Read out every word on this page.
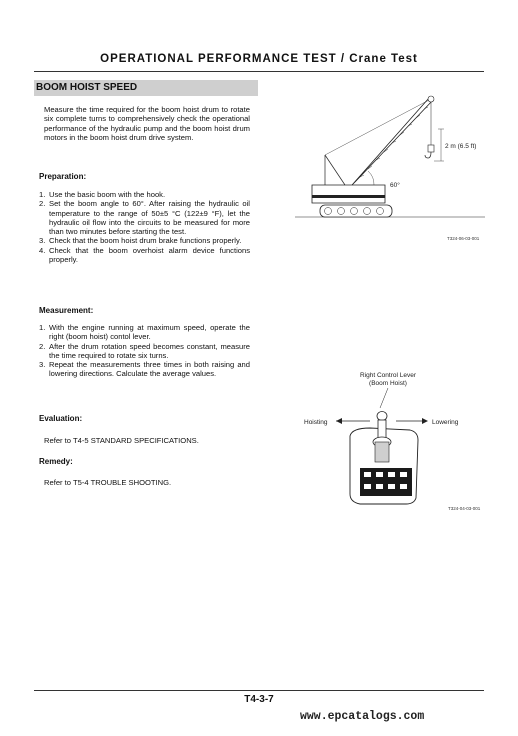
OPERATIONAL PERFORMANCE TEST / Crane Test
BOOM HOIST SPEED
Measure the time required for the boom hoist drum to rotate six complete turns to comprehensively check the operational performance of the hydraulic pump and the boom hoist drum motors in the boom hoist drum drive system.
Preparation:
1. Use the basic boom with the hook.
2. Set the boom angle to 60°. After raising the hydraulic oil temperature to the range of 50±5 °C (122±9 °F), let the hydraulic oil flow into the circuits to be measured for more than two minutes before starting the test.
3. Check that the boom hoist drum brake functions properly.
4. Check that the boom overhoist alarm device functions properly.
Measurement:
1. With the engine running at maximum speed, operate the right (boom hoist) contol lever.
2. After the drum rotation speed becomes constant, measure the time required to rotate six turns.
3. Repeat the measurements three times in both raising and lowering directions. Calculate the average values.
Evaluation:
Refer to T4-5 STANDARD SPECIFICATIONS.
Remedy:
Refer to T5-4 TROUBLE SHOOTING.
2 m (6.5 ft)
60°
T324-06-03-001
Right Control Lever
(Boom Hoist)
Hoisting	Lowering
T324-04-03-001
T4-3-7
www.epcatalogs.com
